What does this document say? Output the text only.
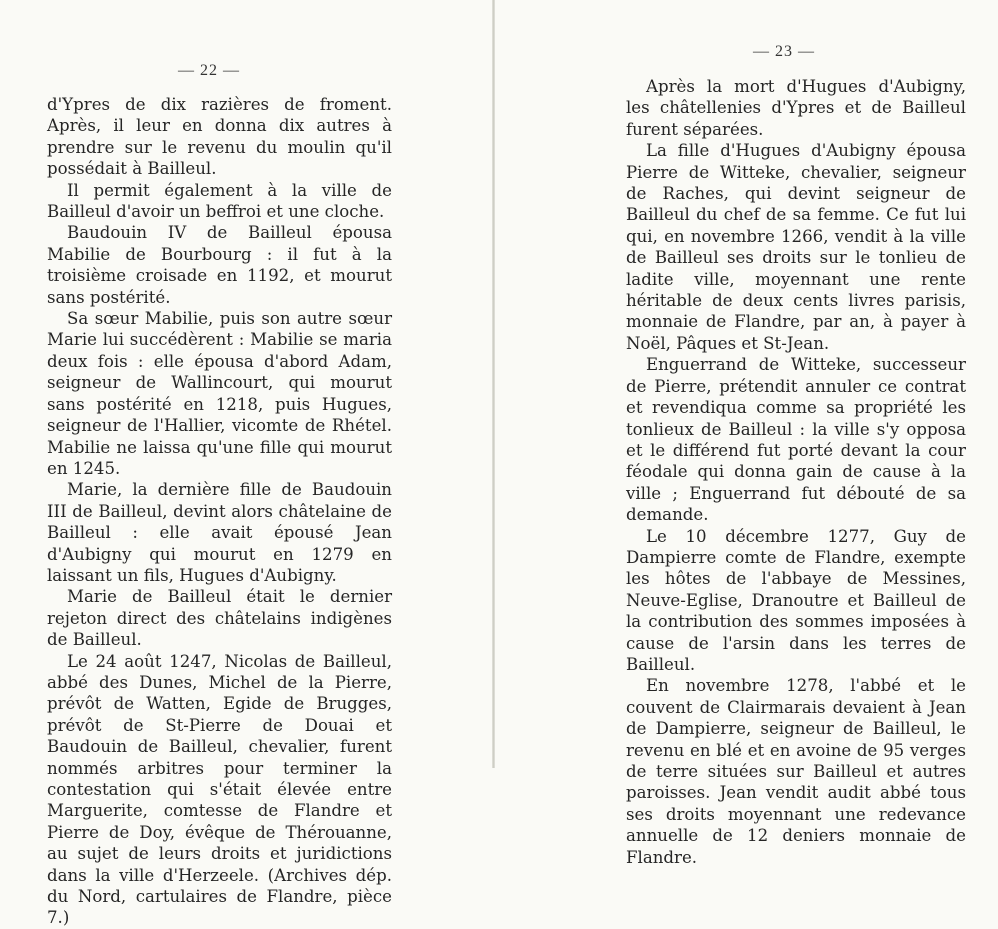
— 22 —

d'Ypres de dix razières de froment. Après, il leur en donna dix autres à prendre sur le revenu du moulin qu'il possédait à Bailleul.

Il permit également à la ville de Bailleul d'avoir un beffroi et une cloche.

Baudouin IV de Bailleul épousa Mabilie de Bourbourg : il fut à la troisième croisade en 1192, et mourut sans postérité.

Sa sœur Mabilie, puis son autre sœur Marie lui succédèrent : Mabilie se maria deux fois : elle épousa d'abord Adam, seigneur de Wallincourt, qui mourut sans postérité en 1218, puis Hugues, seigneur de l'Hallier, vicomte de Rhétel. Mabilie ne laissa qu'une fille qui mourut en 1245.

Marie, la dernière fille de Baudouin III de Bailleul, devint alors châtelaine de Bailleul : elle avait épousé Jean d'Aubigny qui mourut en 1279 en laissant un fils, Hugues d'Aubigny.

Marie de Bailleul était le dernier rejeton direct des châtelains indigènes de Bailleul.

Le 24 août 1247, Nicolas de Bailleul, abbé des Dunes, Michel de la Pierre, prévôt de Watten, Egide de Brugges, prévôt de St-Pierre de Douai et Baudouin de Bailleul, chevalier, furent nommés arbitres pour terminer la contestation qui s'était élevée entre Marguerite, comtesse de Flandre et Pierre de Doy, évêque de Thérouanne, au sujet de leurs droits et juridictions dans la ville d'Herzeele. (Archives dép. du Nord, cartulaires de Flandre, pièce 7.)

— 23 —

Après la mort d'Hugues d'Aubigny, les châtellenies d'Ypres et de Bailleul furent séparées.

La fille d'Hugues d'Aubigny épousa Pierre de Witteke, chevalier, seigneur de Raches, qui devint seigneur de Bailleul du chef de sa femme. Ce fut lui qui, en novembre 1266, vendit à la ville de Bailleul ses droits sur le tonlieu de ladite ville, moyennant une rente héritable de deux cents livres parisis, monnaie de Flandre, par an, à payer à Noël, Pâques et St-Jean.

Enguerrand de Witteke, successeur de Pierre, prétendit annuler ce contrat et revendiqua comme sa propriété les tonlieux de Bailleul : la ville s'y opposa et le différend fut porté devant la cour féodale qui donna gain de cause à la ville ; Enguerrand fut débouté de sa demande.

Le 10 décembre 1277, Guy de Dampierre comte de Flandre, exempte les hôtes de l'abbaye de Messines, Neuve-Eglise, Dranoutre et Bailleul de la contribution des sommes imposées à cause de l'arsin dans les terres de Bailleul.

En novembre 1278, l'abbé et le couvent de Clairmarais devaient à Jean de Dampierre, seigneur de Bailleul, le revenu en blé et en avoine de 95 verges de terre situées sur Bailleul et autres paroisses. Jean vendit audit abbé tous ses droits moyennant une redevance annuelle de 12 deniers monnaie de Flandre.
